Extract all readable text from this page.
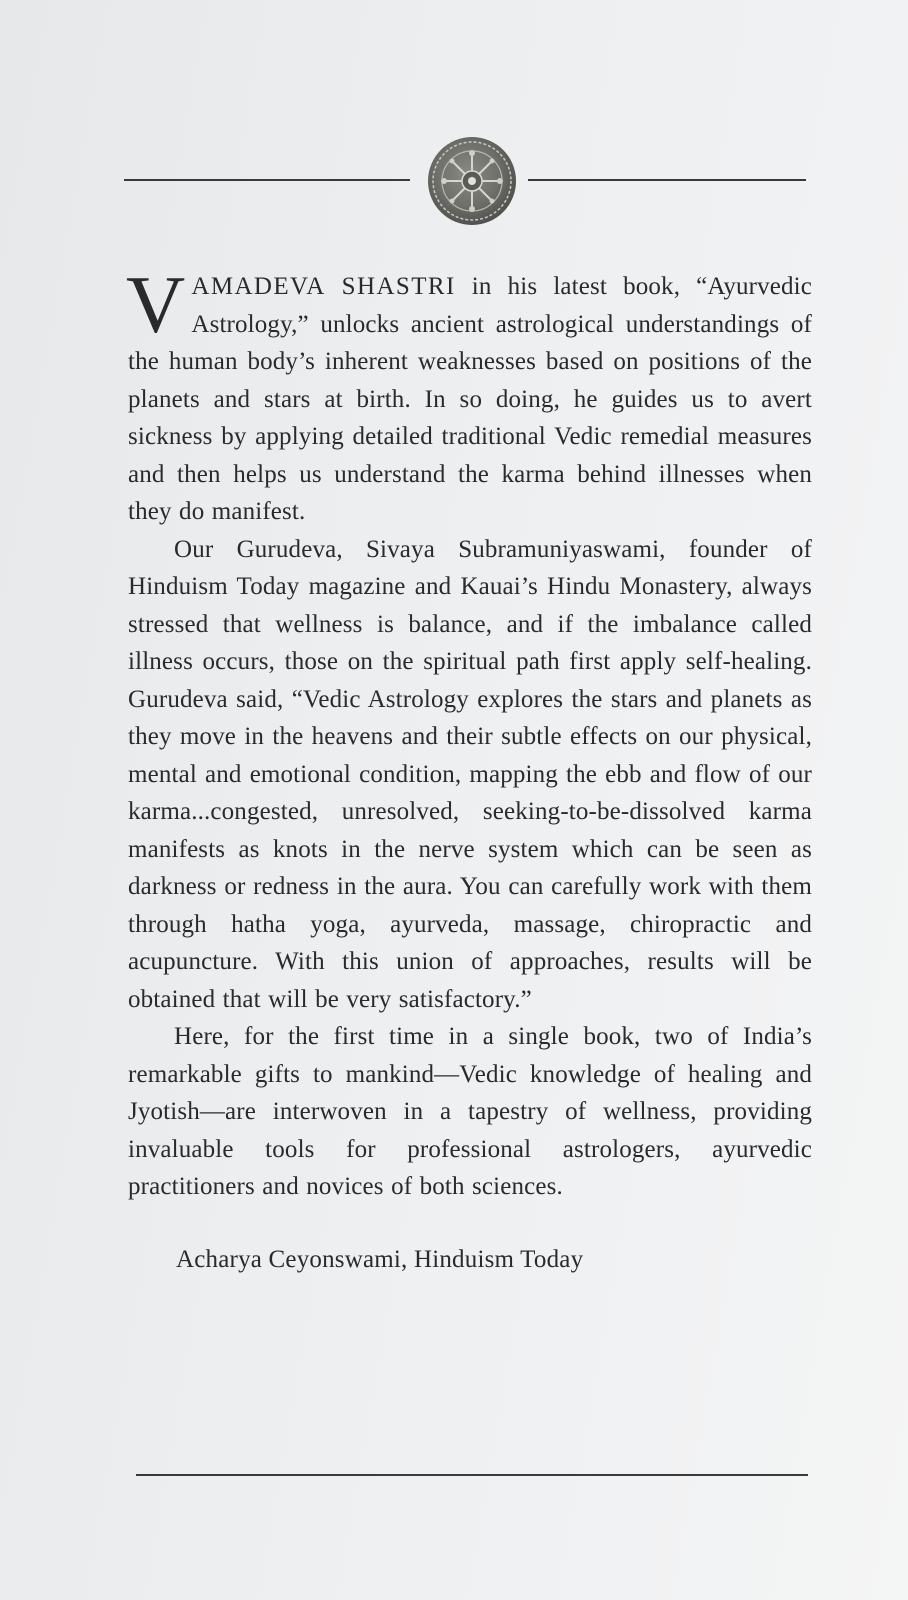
VAMADEVA SHASTRI in his latest book, “Ayurvedic Astrology,” unlocks ancient astrological understandings of the human body’s inherent weaknesses based on positions of the planets and stars at birth. In so doing, he guides us to avert sickness by applying detailed traditional Vedic remedial measures and then helps us understand the karma behind illnesses when they do manifest.

Our Gurudeva, Sivaya Subramuniyaswami, founder of Hinduism Today magazine and Kauai’s Hindu Monastery, always stressed that wellness is balance, and if the imbalance called illness occurs, those on the spiritual path first apply self-healing. Gurudeva said, “Vedic Astrology explores the stars and planets as they move in the heavens and their subtle effects on our physical, mental and emotional condition, mapping the ebb and flow of our karma...congested, unresolved, seeking-to-be-dissolved karma manifests as knots in the nerve system which can be seen as darkness or redness in the aura. You can carefully work with them through hatha yoga, ayurveda, massage, chiropractic and acupuncture. With this union of approaches, results will be obtained that will be very satisfactory.”

Here, for the first time in a single book, two of India’s remarkable gifts to mankind—Vedic knowledge of healing and Jyotish—are interwoven in a tapestry of wellness, providing invaluable tools for professional astrologers, ayurvedic practitioners and novices of both sciences.

Acharya Ceyonswami, Hinduism Today
